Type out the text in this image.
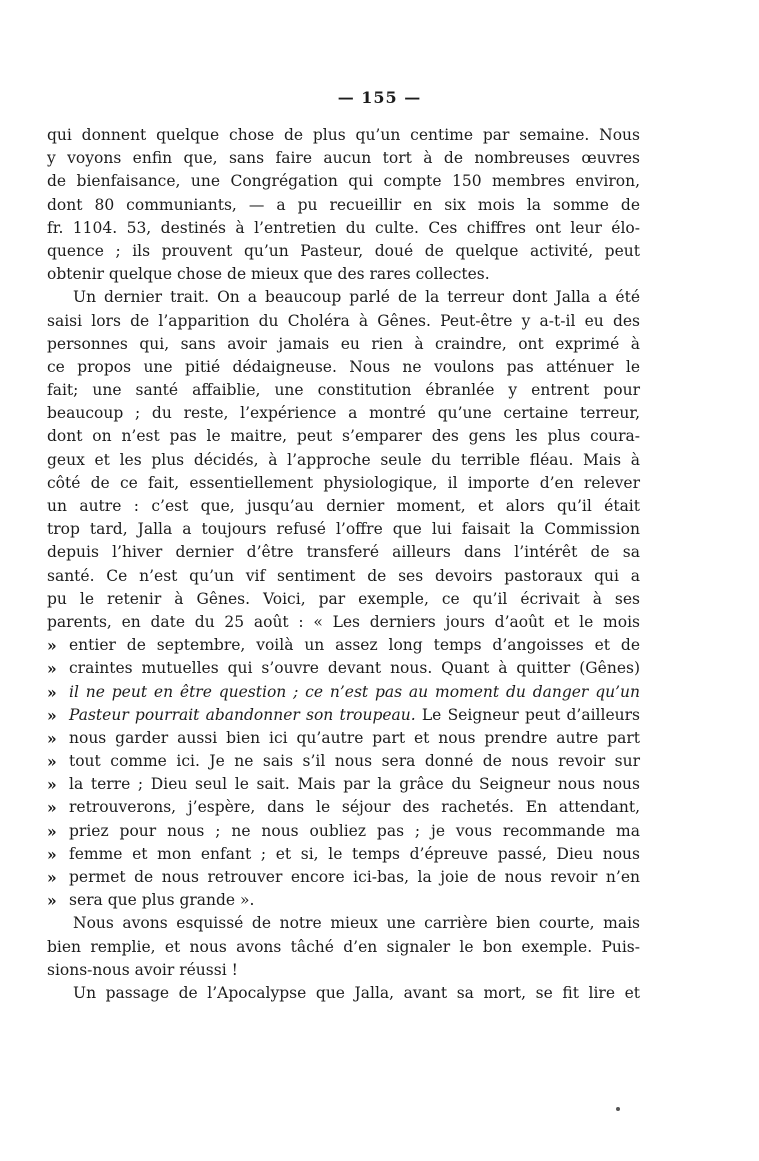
— 155 —
qui donnent quelque chose de plus qu’un centime par semaine. Nous
y voyons enfin que, sans faire aucun tort à de nombreuses œuvres
de bienfaisance, une Congrégation qui compte 150 membres environ,
dont 80 communiants, — a pu recueillir en six mois la somme de
fr. 1104. 53, destinés à l’entretien du culte. Ces chiffres ont leur élo-
quence ; ils prouvent qu’un Pasteur, doué de quelque activité, peut
obtenir quelque chose de mieux que des rares collectes.
Un dernier trait. On a beaucoup parlé de la terreur dont Jalla a été
saisi lors de l’apparition du Choléra à Gênes. Peut-être y a-t-il eu des
personnes qui, sans avoir jamais eu rien à craindre, ont exprimé à
ce propos une pitié dédaigneuse. Nous ne voulons pas atténuer le
fait; une santé affaiblie, une constitution ébranlée y entrent pour
beaucoup ; du reste, l’expérience a montré qu’une certaine terreur,
dont on n’est pas le maitre, peut s’emparer des gens les plus coura-
geux et les plus décidés, à l’approche seule du terrible fléau. Mais à
côté de ce fait, essentiellement physiologique, il importe d’en relever
un autre : c’est que, jusqu’au dernier moment, et alors qu’il était
trop tard, Jalla a toujours refusé l’offre que lui faisait la Commission
depuis l’hiver dernier d’être transferé ailleurs dans l’intérêt de sa
santé. Ce n’est qu’un vif sentiment de ses devoirs pastoraux qui a
pu le retenir à Gênes. Voici, par exemple, ce qu’il écrivait à ses
parents, en date du 25 août : « Les derniers jours d’août et le mois
» entier de septembre, voilà un assez long temps d’angoisses et de
» craintes mutuelles qui s’ouvre devant nous. Quant à quitter (Gênes)
» il ne peut en être question ; ce n’est pas au moment du danger qu’un
» Pasteur pourrait abandonner son troupeau. Le Seigneur peut d’ailleurs
» nous garder aussi bien ici qu’autre part et nous prendre autre part
» tout comme ici. Je ne sais s’il nous sera donné de nous revoir sur
» la terre ; Dieu seul le sait. Mais par la grâce du Seigneur nous nous
» retrouverons, j’espère, dans le séjour des rachetés. En attendant,
» priez pour nous ; ne nous oubliez pas ; je vous recommande ma
» femme et mon enfant ; et si, le temps d’épreuve passé, Dieu nous
» permet de nous retrouver encore ici-bas, la joie de nous revoir n’en
» sera que plus grande ».
Nous avons esquissé de notre mieux une carrière bien courte, mais
bien remplie, et nous avons tâché d’en signaler le bon exemple. Puis-
sions-nous avoir réussi !
Un passage de l’Apocalypse que Jalla, avant sa mort, se fit lire et
